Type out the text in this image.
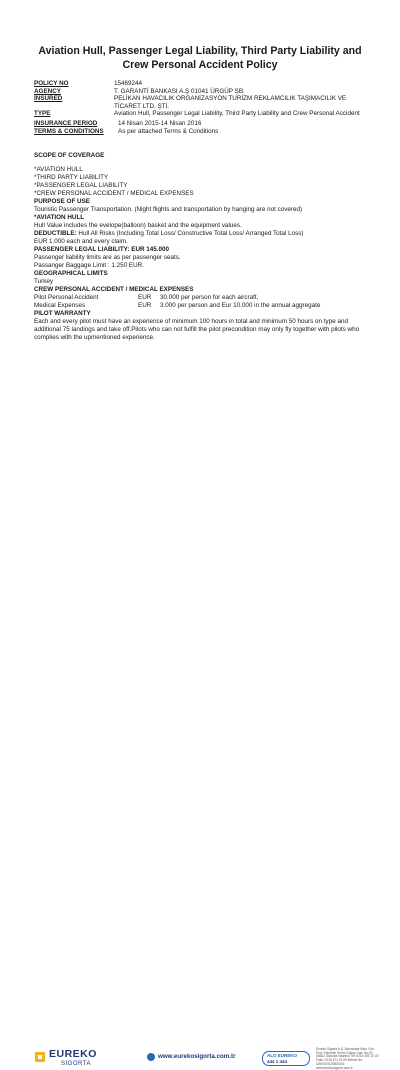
Aviation Hull, Passenger Legal Liability, Third Party Liability and Crew Personal Accident Policy
POLICY NO	15469244
AGENCY	T. GARANTİ BANKASI A.Ş 01041 ÜRGÜP ŞB.
INSURED	PELİKAN HAVACILIK ORGANİZASYON TURİZM REKLAMCILIK TAŞIMACILIK VE TİCARET LTD. ŞTİ.
TYPE	Aviation Hull, Passenger Legal Liability, Third Party Liability and Crew Personal Accident
INSURANCE PERIOD	14 Nisan 2015-14 Nisan 2016
TERMS & CONDITIONS	As per attached Terms & Conditions

SCOPE OF COVERAGE

*AVIATION HULL

*THIRD PARTY LIABILITY

*PASSENGER LEGAL LIABILITY

*CREW PERSONAL ACCIDENT / MEDICAL EXPENSES

PURPOSE OF USE

Touristic Passenger Transportation. (Night flights and transportation by hanging are not covered)

*AVIATION HULL

Hull Value includes the evelope(balloon) basket and the equipment values.

DEDUCTIBLE: Hull All Risks (Including Total Loss/ Constructive Total Loss/ Arranged Total Loss)

EUR 1.000 each and every claim.

PASSENGER LEGAL LIABILITY: EUR 145.000

Passenger liability limits are as per passenger seats.

Passanger Baggage Limit : 1.250 EUR.

GEOGRAPHICAL LIMITS

Turkey

CREW PERSONAL ACCIDENT / MEDICAL EXPENSES

Pilot Personal Accident	EUR	30.000 per person for each aircraft.
Medical Expenses	EUR	3.000 per person and Eur 10.000 in the annual aggregate

PILOT WARRANTY

Each and every pilot must have an experience of minimum 100 hours in total and minimum 50 hours on type and additional 75 landings and take off.Pilots who can not fulfill the pilot precondition may only fly together with pilots who complies with the upmentioned experience.

EUREKO
SIGORTA
www.eurekosigorta.com.tr	ALO EUREKO
444 1 444
Eureko Sigorta A.Ş. Altunizade Mah. Ord. Prof. Fahrettin Kerim Gökay Cad. No:20 34662 Üsküdar İstanbul Tel: 0216 400 10 00 Faks: 0216 474 23 59 Mersis No: 0290027625500016 www.eurekosigorta.com.tr
